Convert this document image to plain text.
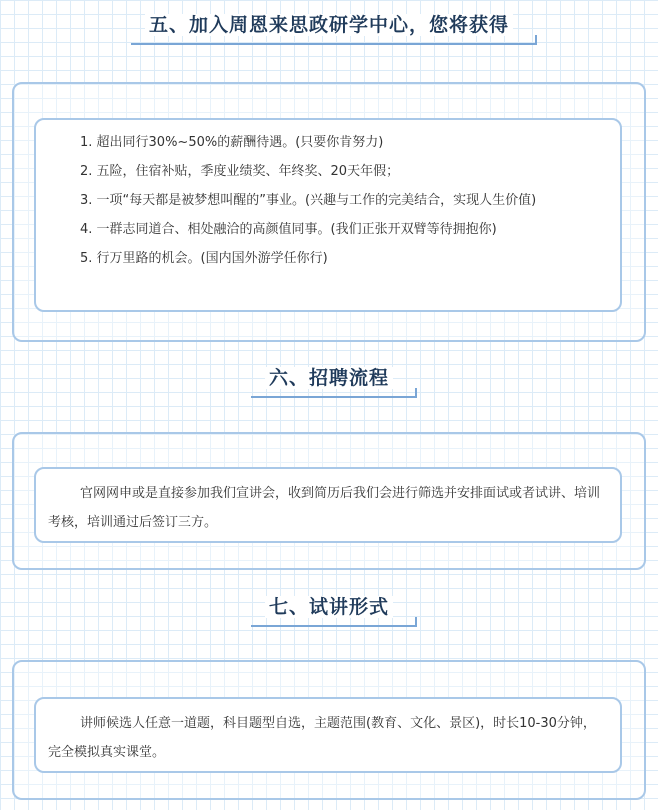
五、加入周恩来思政研学中心，您将获得

1. 超出同行30%~50%的薪酬待遇。(只要你肯努力)

2. 五险，住宿补贴，季度业绩奖、年终奖、20天年假；

3. 一项“每天都是被梦想叫醒的”事业。(兴趣与工作的完美结合，实现人生价值)

4. 一群志同道合、相处融洽的高颜值同事。(我们正张开双臂等待拥抱你)

5. 行万里路的机会。(国内国外游学任你行)

六、招聘流程

官网网申或是直接参加我们宣讲会，收到简历后我们会进行筛选并安排面试或者试讲、培训考核，培训通过后签订三方。

七、试讲形式

讲师候选人任意一道题，科目题型自选，主题范围(教育、文化、景区)，时长10-30分钟，完全模拟真实课堂。
